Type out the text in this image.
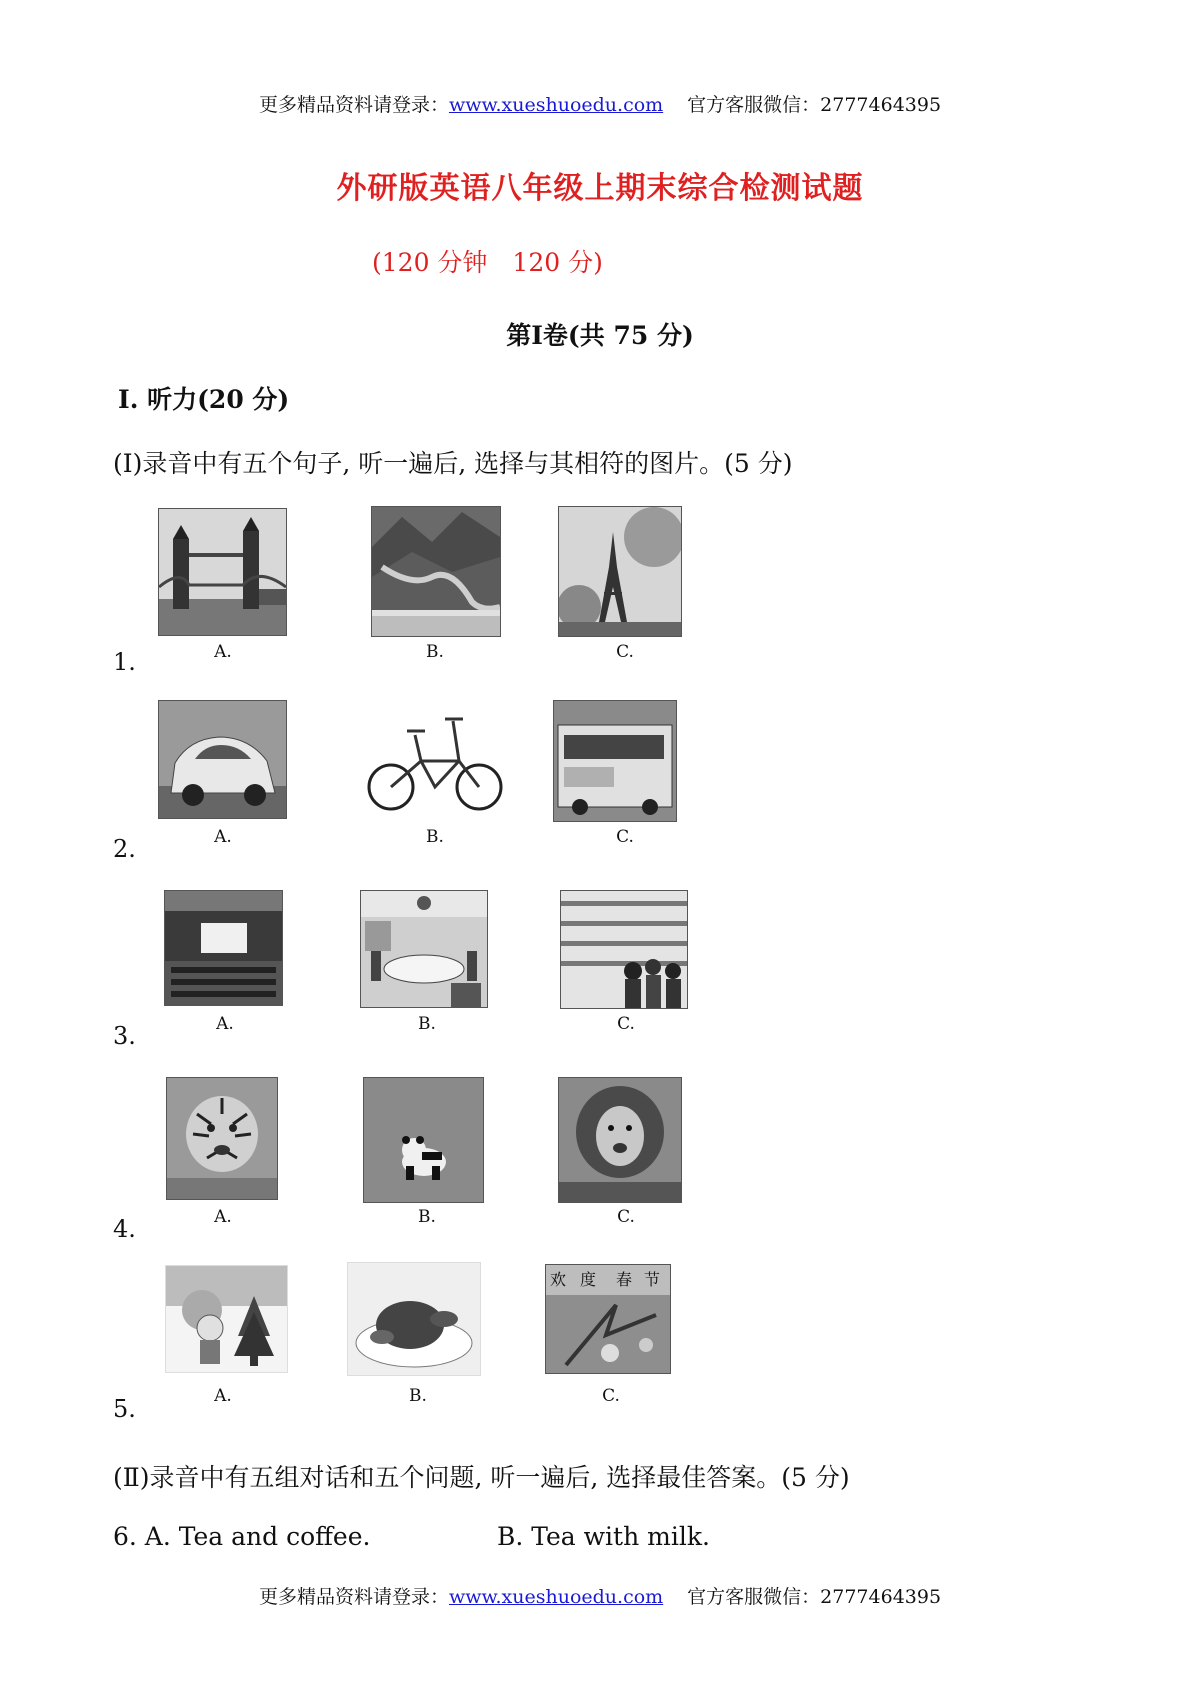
更多精品资料请登录：www.xueshuoedu.com 官方客服微信：2777464395
外研版英语八年级上期末综合检测试题
(120 分钟　120 分)
第Ⅰ卷(共 75 分)
Ⅰ. 听力(20 分)
(Ⅰ)录音中有五个句子, 听一遍后, 选择与其相符的图片。(5 分)
1.	A.	B.	C.
2.	A.	B.	C.
3.	A.	B.	C.
4.	A.	B.	C.
欢 度 春 节
5.	A.	B.	C.
(Ⅱ)录音中有五组对话和五个问题, 听一遍后, 选择最佳答案。(5 分)
6. A. Tea and coffee.	B. Tea with milk.
更多精品资料请登录：www.xueshuoedu.com 官方客服微信：2777464395
